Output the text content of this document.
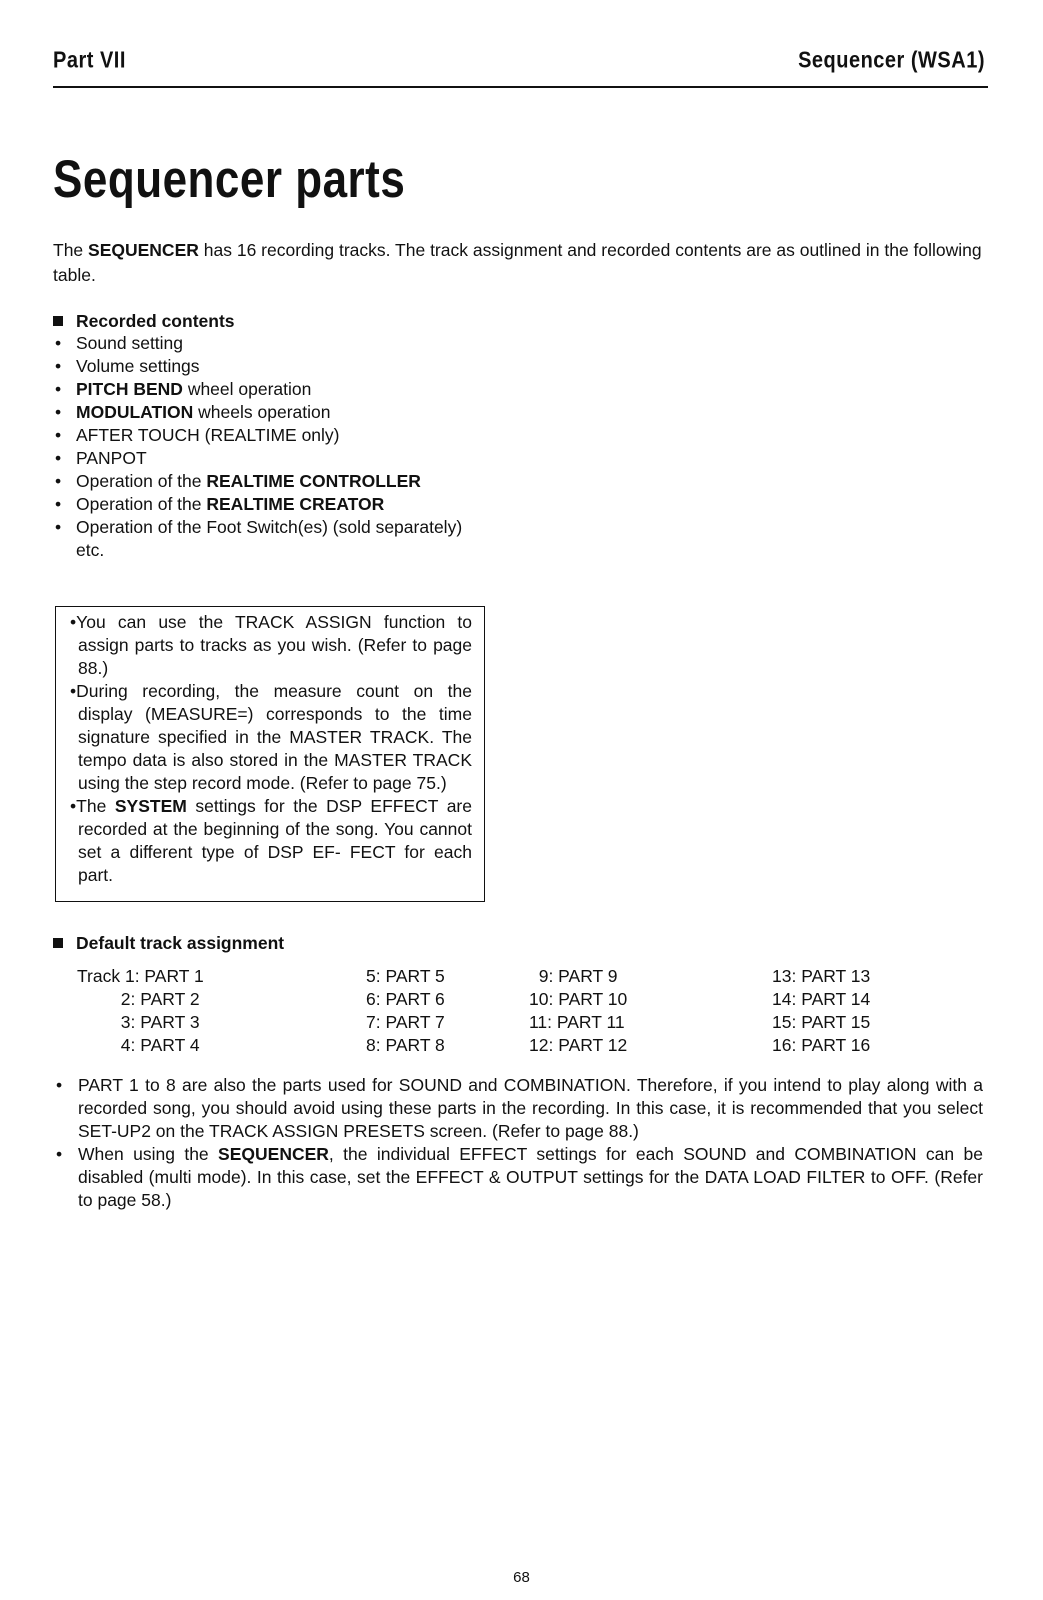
Part VII	Sequencer (WSA1)
Sequencer parts

The SEQUENCER has 16 recording tracks. The track assignment and recorded contents are as outlined in the following table.

Recorded contents
• Sound setting
• Volume settings
• PITCH BEND wheel operation
• MODULATION wheels operation
• AFTER TOUCH (REALTIME only)
• PANPOT
• Operation of the REALTIME CONTROLLER
• Operation of the REALTIME CREATOR
• Operation of the Foot Switch(es) (sold separately)
etc.

•You can use the TRACK ASSIGN function to assign parts to tracks as you wish. (Refer to page 88.)

•During recording, the measure count on the display (MEASURE=) corresponds to the time signature specified in the MASTER TRACK. The tempo data is also stored in the MASTER TRACK using the step record mode. (Refer to page 75.)

•The SYSTEM settings for the DSP EFFECT are recorded at the beginning of the song. You cannot set a different type of DSP EF- FECT for each part.

Default track assignment
Track 1: PART 1
2: PART 2
3: PART 3
4: PART 4
5: PART 5
6: PART 6
7: PART 7
8: PART 8
9: PART 9
10: PART 10
11: PART 11
12: PART 12
13: PART 13
14: PART 14
15: PART 15
16: PART 16
• PART 1 to 8 are also the parts used for SOUND and COMBINATION. Therefore, if you intend to play along with a recorded song, you should avoid using these parts in the recording. In this case, it is recommended that you select SET-UP2 on the TRACK ASSIGN PRESETS screen. (Refer to page 88.)
• When using the SEQUENCER, the individual EFFECT settings for each SOUND and COMBINATION can be disabled (multi mode). In this case, set the EFFECT & OUTPUT settings for the DATA LOAD FILTER to OFF. (Refer to page 58.)
68
